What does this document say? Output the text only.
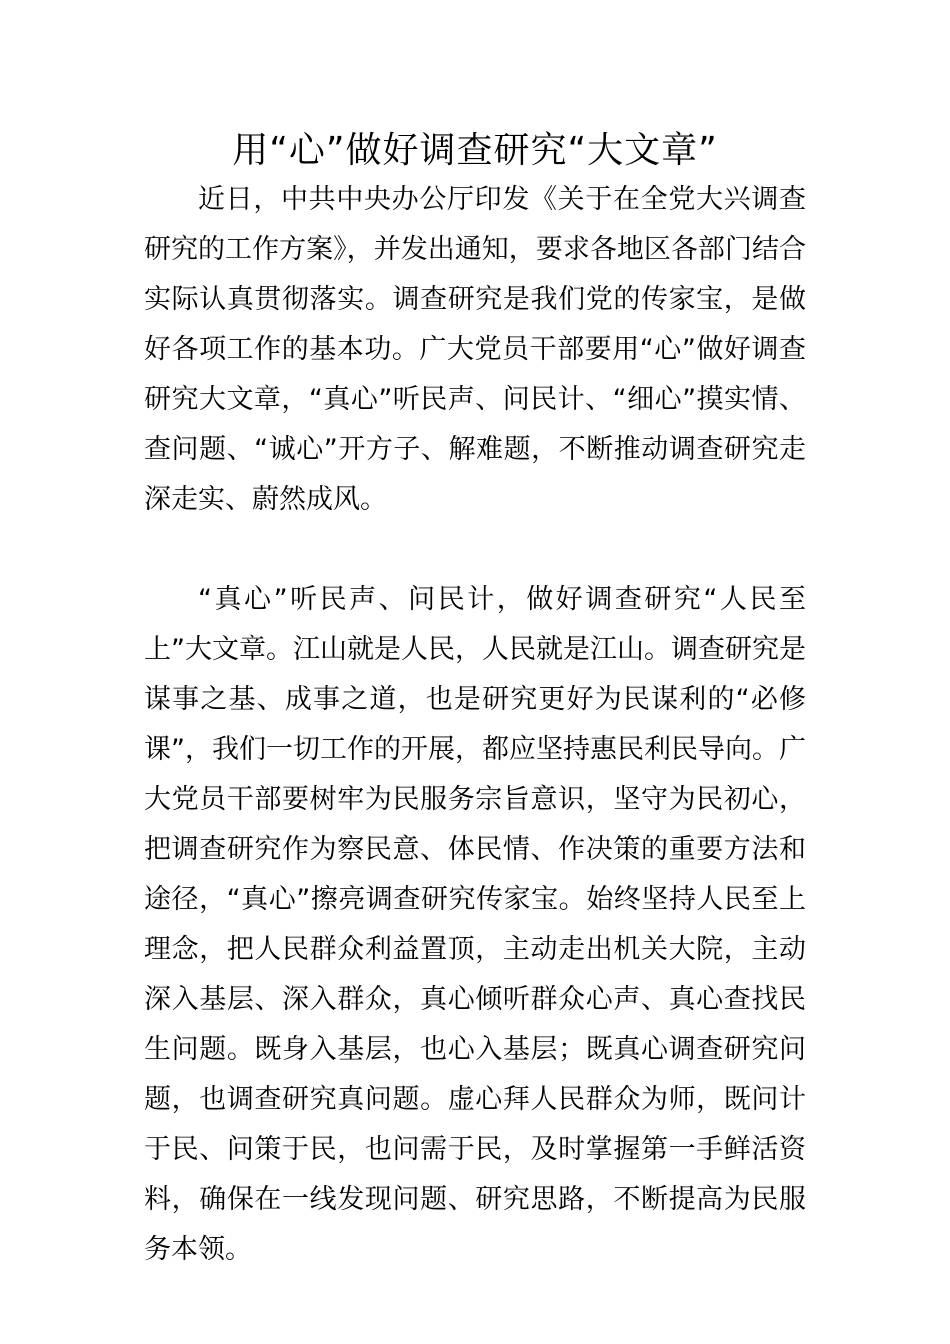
用“心”做好调查研究“大文章”

近日，中共中央办公厅印发《关于在全党大兴调查研究的工作方案》，并发出通知，要求各地区各部门结合实际认真贯彻落实。调查研究是我们党的传家宝，是做好各项工作的基本功。广大党员干部要用“心”做好调查研究大文章，“真心”听民声、问民计、“细心”摸实情、查问题、“诚心”开方子、解难题，不断推动调查研究走深走实、蔚然成风。

“真心”听民声、问民计，做好调查研究“人民至上”大文章。江山就是人民，人民就是江山。调查研究是谋事之基、成事之道，也是研究更好为民谋利的“必修课”，我们一切工作的开展，都应坚持惠民利民导向。广大党员干部要树牢为民服务宗旨意识，坚守为民初心，把调查研究作为察民意、体民情、作决策的重要方法和途径，“真心”擦亮调查研究传家宝。始终坚持人民至上理念，把人民群众利益置顶，主动走出机关大院，主动深入基层、深入群众，真心倾听群众心声、真心查找民生问题。既身入基层，也心入基层；既真心调查研究问题，也调查研究真问题。虚心拜人民群众为师，既问计于民、问策于民，也问需于民，及时掌握第一手鲜活资料，确保在一线发现问题、研究思路，不断提高为民服务本领。
